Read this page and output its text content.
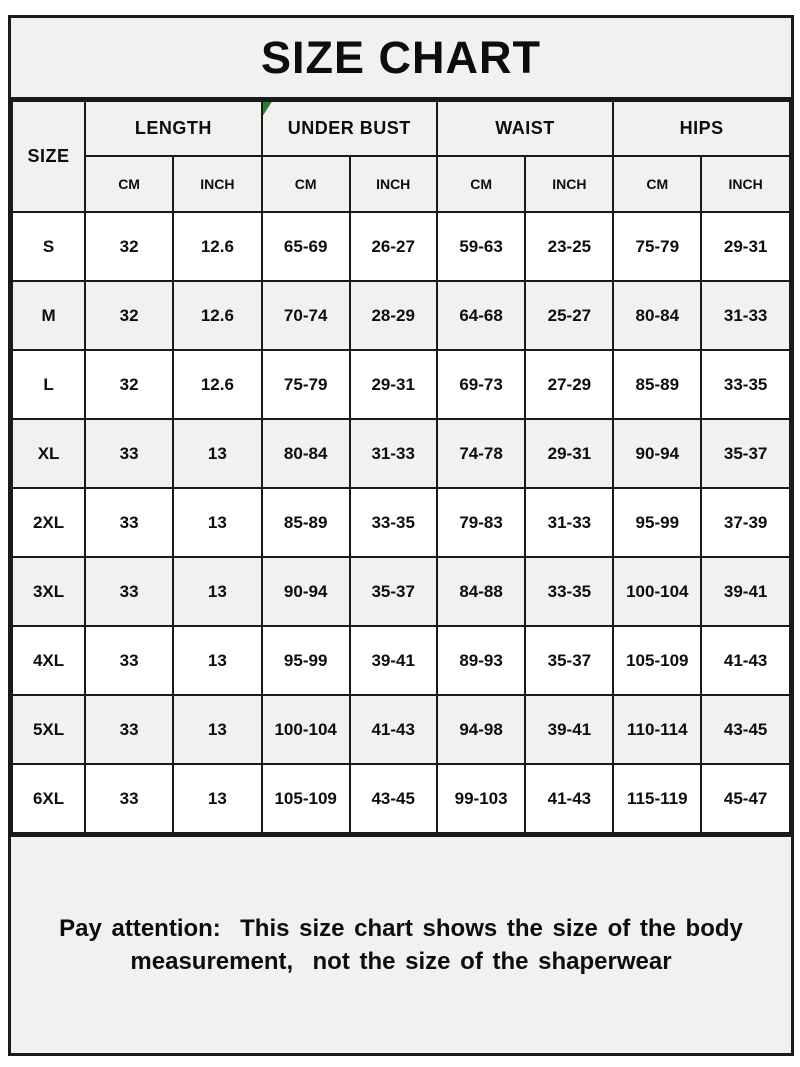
SIZE CHART
SIZE	LENGTH		UNDER BUST		WAIST		HIPS	
	CM	INCH	CM	INCH	CM	INCH	CM	INCH
S	32	12.6	65-69	26-27	59-63	23-25	75-79	29-31
M	32	12.6	70-74	28-29	64-68	25-27	80-84	31-33
L	32	12.6	75-79	29-31	69-73	27-29	85-89	33-35
XL	33	13	80-84	31-33	74-78	29-31	90-94	35-37
2XL	33	13	85-89	33-35	79-83	31-33	95-99	37-39
3XL	33	13	90-94	35-37	84-88	33-35	100-104	39-41
4XL	33	13	95-99	39-41	89-93	35-37	105-109	41-43
5XL	33	13	100-104	41-43	94-98	39-41	110-114	43-45
6XL	33	13	105-109	43-45	99-103	41-43	115-119	45-47
Pay attention:  This size chart shows the size of the body
measurement,  not the size of the shaperwear
